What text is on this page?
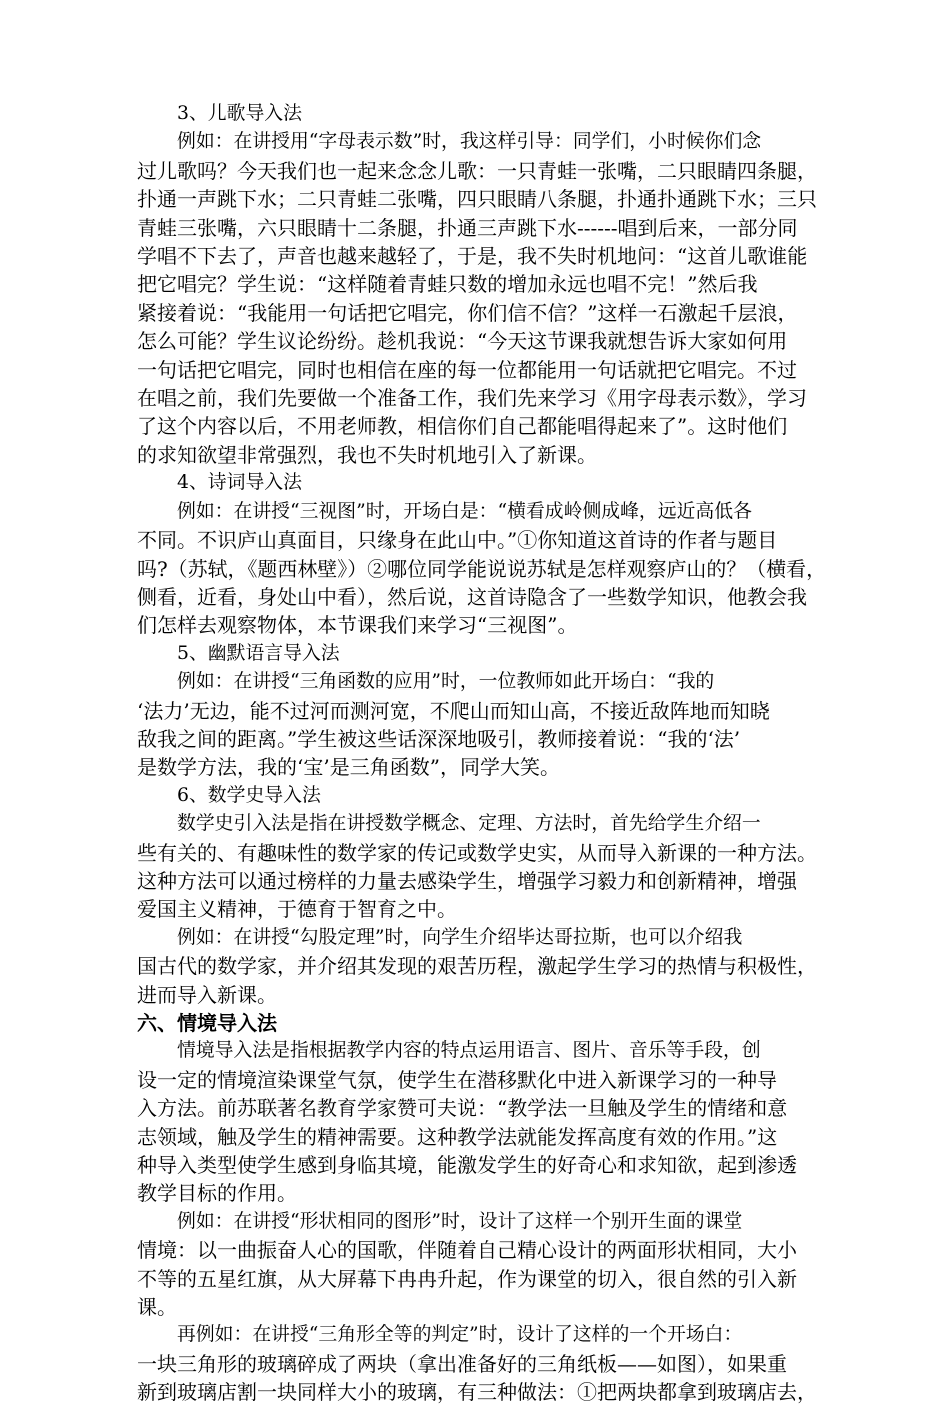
3、儿歌导入法
例如：在讲授用“字母表示数”时，我这样引导：同学们，小时候你们念
过儿歌吗？今天我们也一起来念念儿歌：一只青蛙一张嘴，二只眼睛四条腿，
扑通一声跳下水；二只青蛙二张嘴，四只眼睛八条腿，扑通扑通跳下水；三只
青蛙三张嘴，六只眼睛十二条腿，扑通三声跳下水------唱到后来，一部分同
学唱不下去了，声音也越来越轻了，于是，我不失时机地问：“这首儿歌谁能
把它唱完？学生说：“这样随着青蛙只数的增加永远也唱不完！”然后我
紧接着说：“我能用一句话把它唱完，你们信不信？”这样一石激起千层浪，
怎么可能？学生议论纷纷。趁机我说：“今天这节课我就想告诉大家如何用
一句话把它唱完，同时也相信在座的每一位都能用一句话就把它唱完。不过
在唱之前，我们先要做一个准备工作，我们先来学习《用字母表示数》，学习
了这个内容以后，不用老师教，相信你们自己都能唱得起来了”。这时他们
的求知欲望非常强烈，我也不失时机地引入了新课。
4、诗词导入法
例如：在讲授“三视图”时，开场白是：“横看成岭侧成峰，远近高低各
不同。不识庐山真面目，只缘身在此山中。”①你知道这首诗的作者与题目
吗?（苏轼，《题西林壁》）②哪位同学能说说苏轼是怎样观察庐山的？（横看，
侧看，近看，身处山中看），然后说，这首诗隐含了一些数学知识，他教会我
们怎样去观察物体，本节课我们来学习“三视图”。
5、幽默语言导入法
例如：在讲授“三角函数的应用”时，一位教师如此开场白：“我的
‘法力’无边，能不过河而测河宽，不爬山而知山高，不接近敌阵地而知晓
敌我之间的距离。”学生被这些话深深地吸引，教师接着说：“我的‘法’
是数学方法，我的‘宝’是三角函数”，同学大笑。
6、数学史导入法
数学史引入法是指在讲授数学概念、定理、方法时，首先给学生介绍一
些有关的、有趣味性的数学家的传记或数学史实，从而导入新课的一种方法。
这种方法可以通过榜样的力量去感染学生，增强学习毅力和创新精神，增强
爱国主义精神，于德育于智育之中。
例如：在讲授“勾股定理”时，向学生介绍毕达哥拉斯，也可以介绍我
国古代的数学家，并介绍其发现的艰苦历程，激起学生学习的热情与积极性，
进而导入新课。
六、情境导入法
情境导入法是指根据教学内容的特点运用语言、图片、音乐等手段，创
设一定的情境渲染课堂气氛，使学生在潜移默化中进入新课学习的一种导
入方法。前苏联著名教育学家赞可夫说：“教学法一旦触及学生的情绪和意
志领域，触及学生的精神需要。这种教学法就能发挥高度有效的作用。”这
种导入类型使学生感到身临其境，能激发学生的好奇心和求知欲，起到渗透
教学目标的作用。
例如：在讲授“形状相同的图形”时，设计了这样一个别开生面的课堂
情境：以一曲振奋人心的国歌，伴随着自己精心设计的两面形状相同，大小
不等的五星红旗，从大屏幕下冉冉升起，作为课堂的切入，很自然的引入新
课。
再例如：在讲授“三角形全等的判定”时，设计了这样的一个开场白：
一块三角形的玻璃碎成了两块（拿出准备好的三角纸板——如图），如果重
新到玻璃店割一块同样大小的玻璃，有三种做法：①把两块都拿到玻璃店去，
